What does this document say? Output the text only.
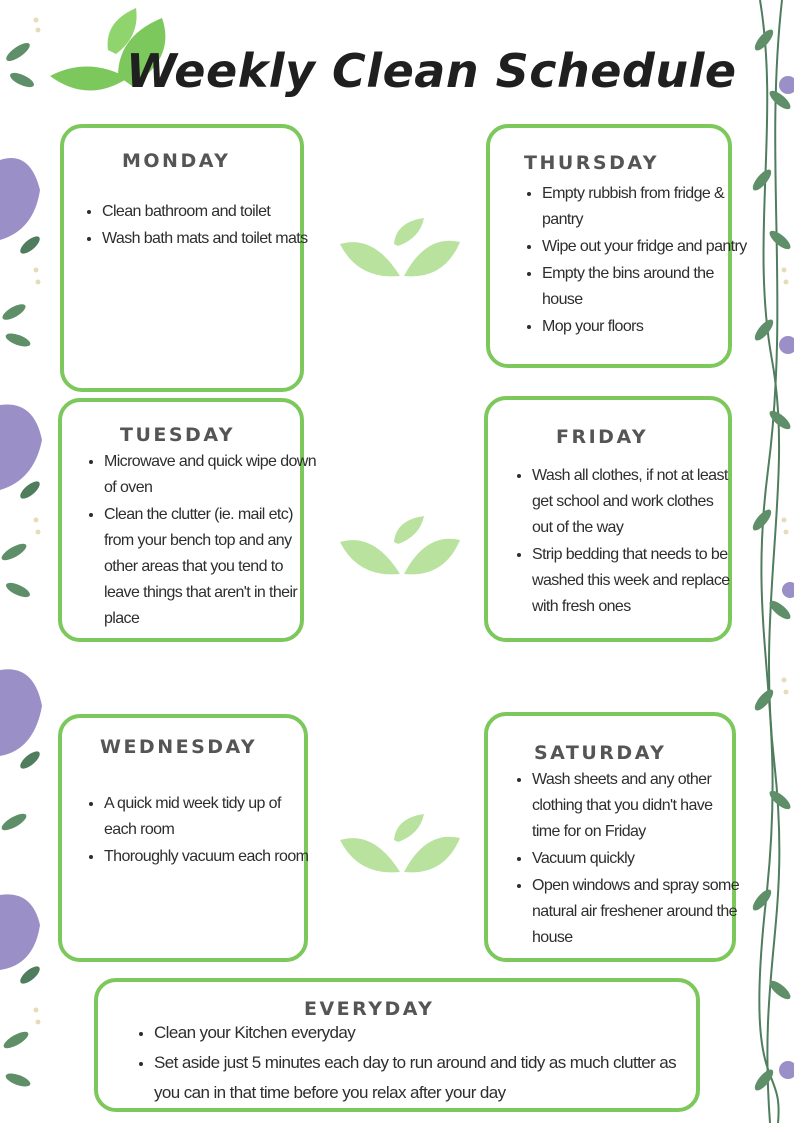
Weekly Clean Schedule
MONDAY
• Clean bathroom and toilet
• Wash bath mats and toilet mats
THURSDAY
• Empty rubbish from fridge & pantry
• Wipe out your fridge and pantry
• Empty the bins around the house
• Mop your floors
TUESDAY
• Microwave and quick wipe down of oven
• Clean the clutter (ie. mail etc) from your bench top and any other areas that you tend to leave things that aren't in their place
FRIDAY
• Wash all clothes, if not at least get school and work clothes out of the way
• Strip bedding that needs to be washed this week and replace with fresh ones
WEDNESDAY
• A quick mid week tidy up of each room
• Thoroughly vacuum each room
SATURDAY
• Wash sheets and any other clothing that you didn't have time for on Friday
• Vacuum quickly
• Open windows and spray some natural air freshener around the house
EVERYDAY
• Clean your Kitchen everyday
• Set aside just 5 minutes each day to run around and tidy as much clutter as you can in that time before you relax after your day
